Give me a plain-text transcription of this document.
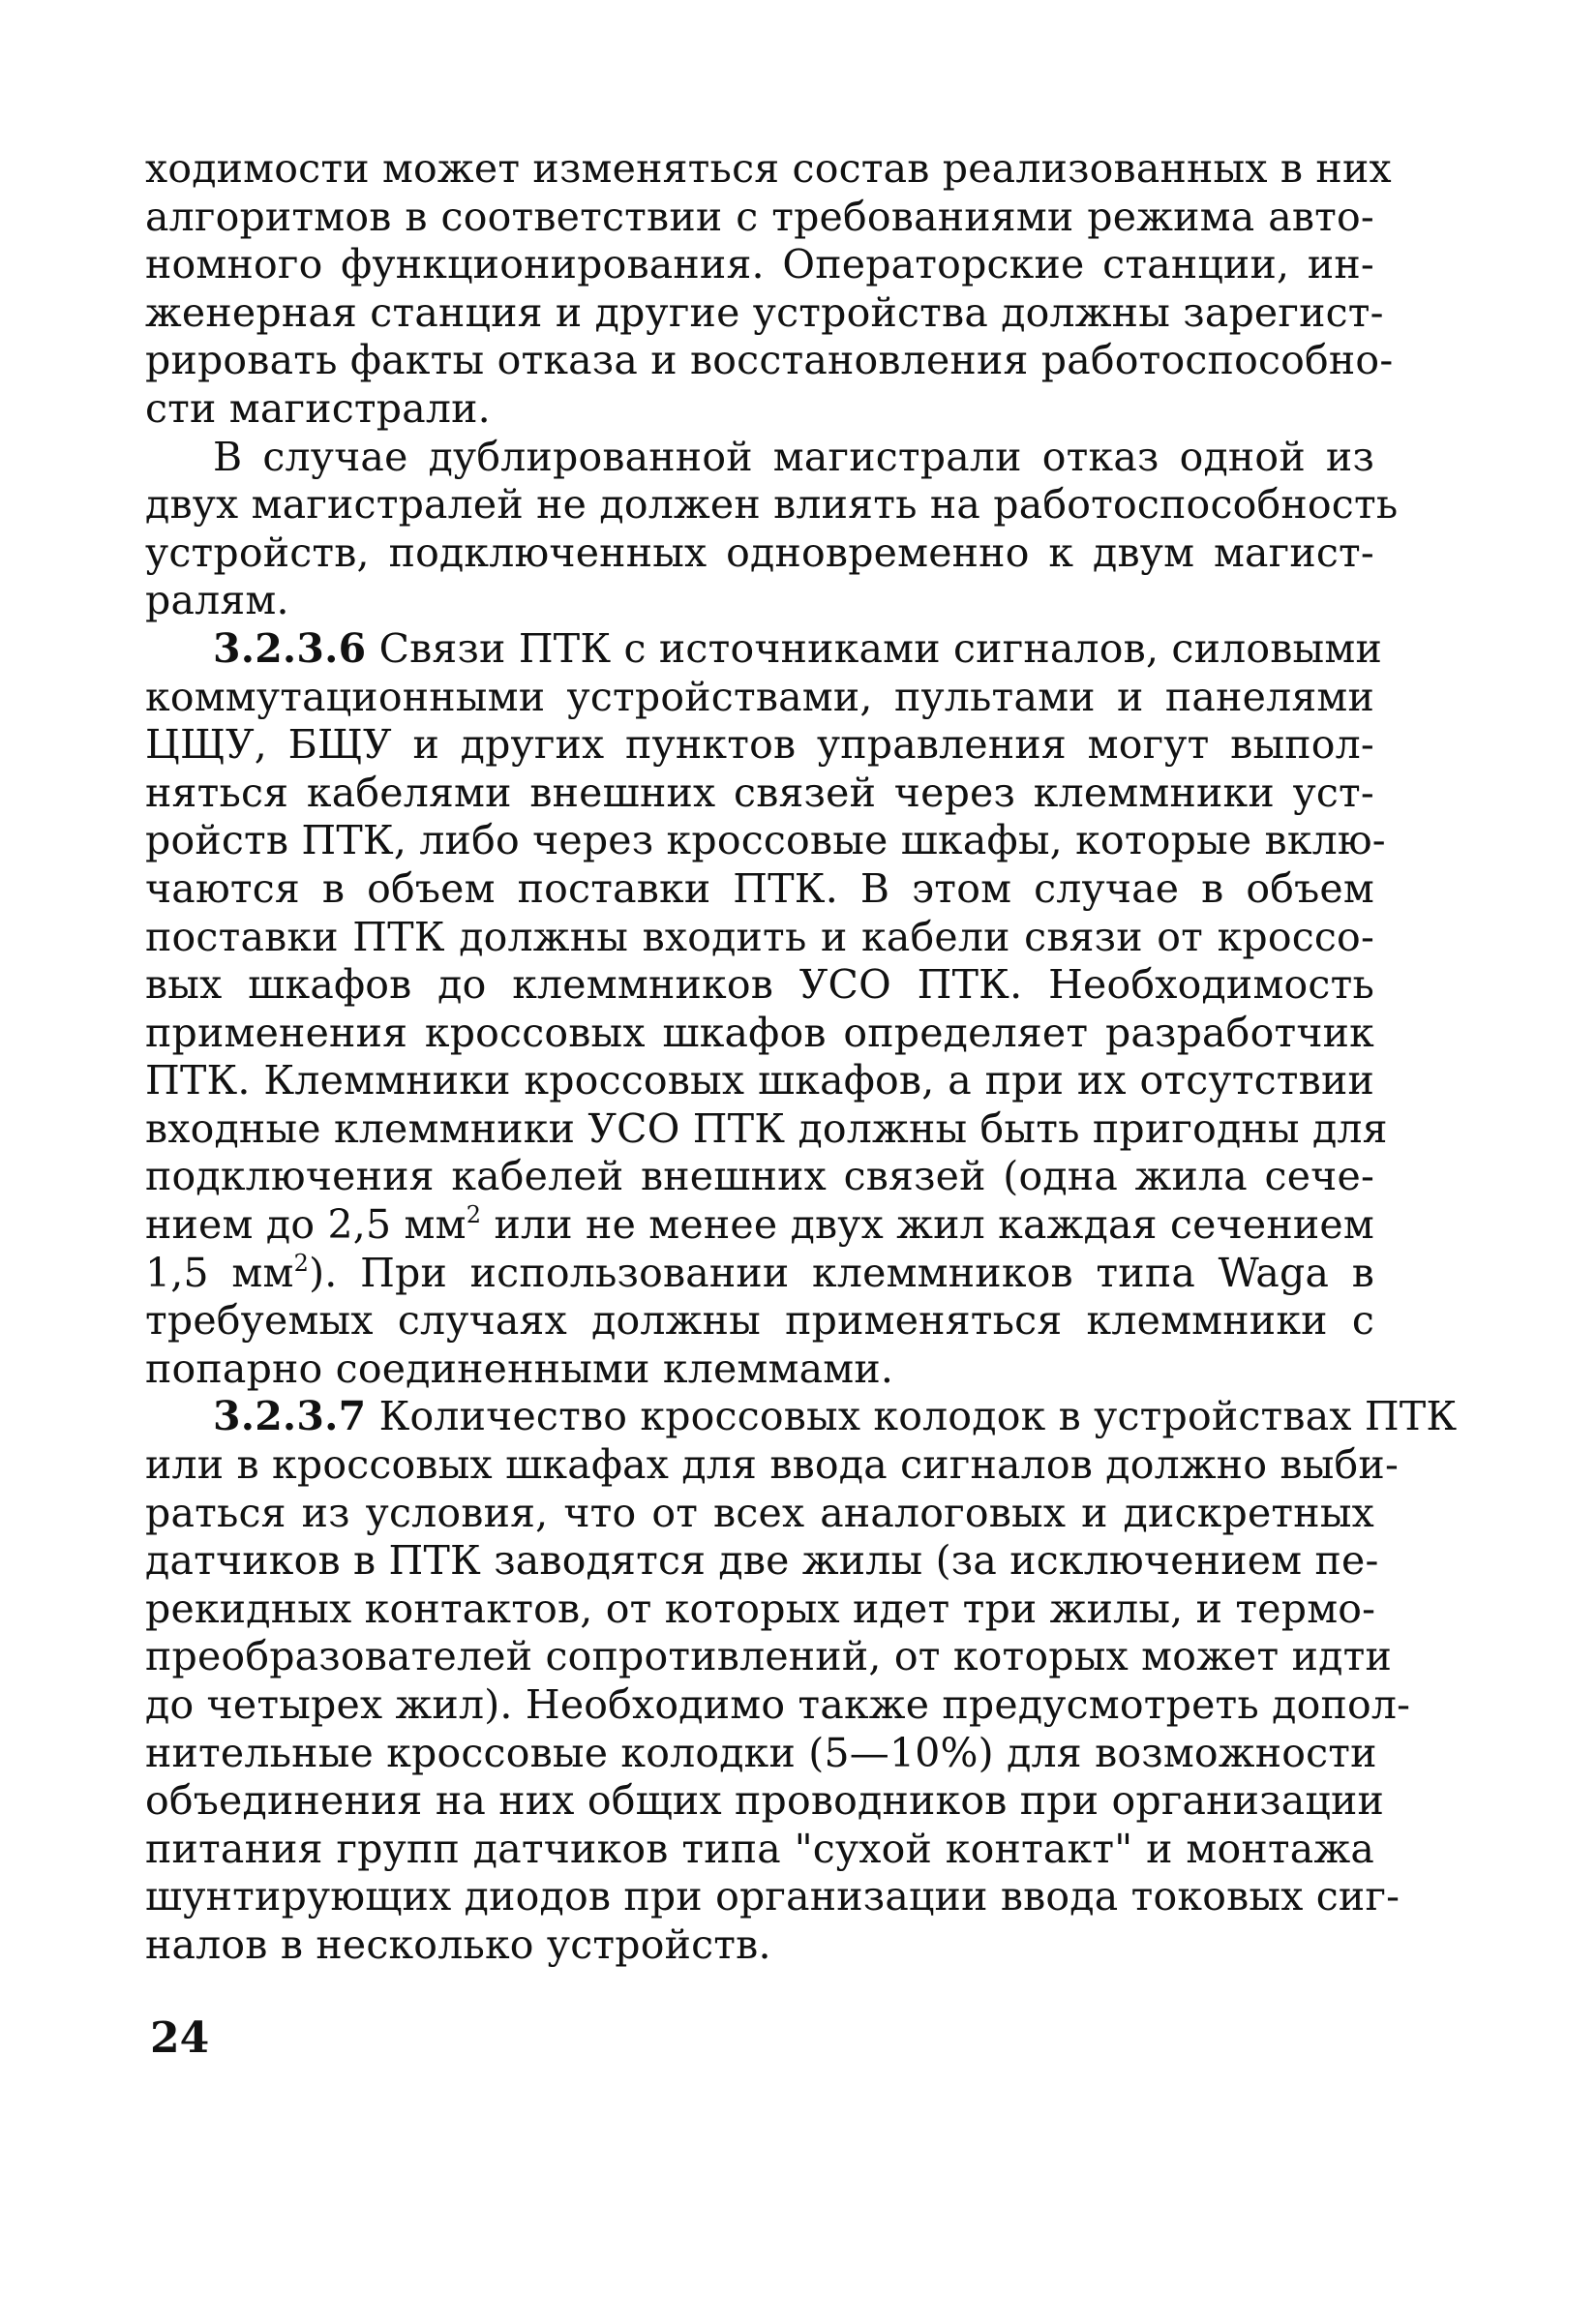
ходимости может изменяться состав реализованных в них
алгоритмов в соответствии с требованиями режима авто-
номного функционирования. Операторские станции, ин-
женерная станция и другие устройства должны зарегист-
рировать факты отказа и восстановления работоспособно-
сти магистрали.
В случае дублированной магистрали отказ одной из
двух магистралей не должен влиять на работоспособность
устройств, подключенных одновременно к двум магист-
ралям.
3.2.3.6 Связи ПТК с источниками сигналов, силовыми
коммутационными устройствами, пультами и панелями
ЦЩУ, БЩУ и других пунктов управления могут выпол-
няться кабелями внешних связей через клеммники уст-
ройств ПТК, либо через кроссовые шкафы, которые вклю-
чаются в объем поставки ПТК. В этом случае в объем
поставки ПТК должны входить и кабели связи от кроссо-
вых шкафов до клеммников УСО ПТК. Необходимость
применения кроссовых шкафов определяет разработчик
ПТК. Клеммники кроссовых шкафов, а при их отсутствии
входные клеммники УСО ПТК должны быть пригодны для
подключения кабелей внешних связей (одна жила сече-
нием до 2,5 $мм^2$ или не менее двух жил каждая сечением
1,5 $мм^2$). При использовании клеммников типа Waga в
требуемых случаях должны применяться клеммники с
попарно соединенными клеммами.
3.2.3.7 Количество кроссовых колодок в устройствах ПТК
или в кроссовых шкафах для ввода сигналов должно выби-
раться из условия, что от всех аналоговых и дискретных
датчиков в ПТК заводятся две жилы (за исключением пе-
рекидных контактов, от которых идет три жилы, и термо-
преобразователей сопротивлений, от которых может идти
до четырех жил). Необходимо также предусмотреть допол-
нительные кроссовые колодки (5—10%) для возможности
объединения на них общих проводников при организации
питания групп датчиков типа "сухой контакт" и монтажа
шунтирующих диодов при организации ввода токовых сиг-
налов в несколько устройств.
24
